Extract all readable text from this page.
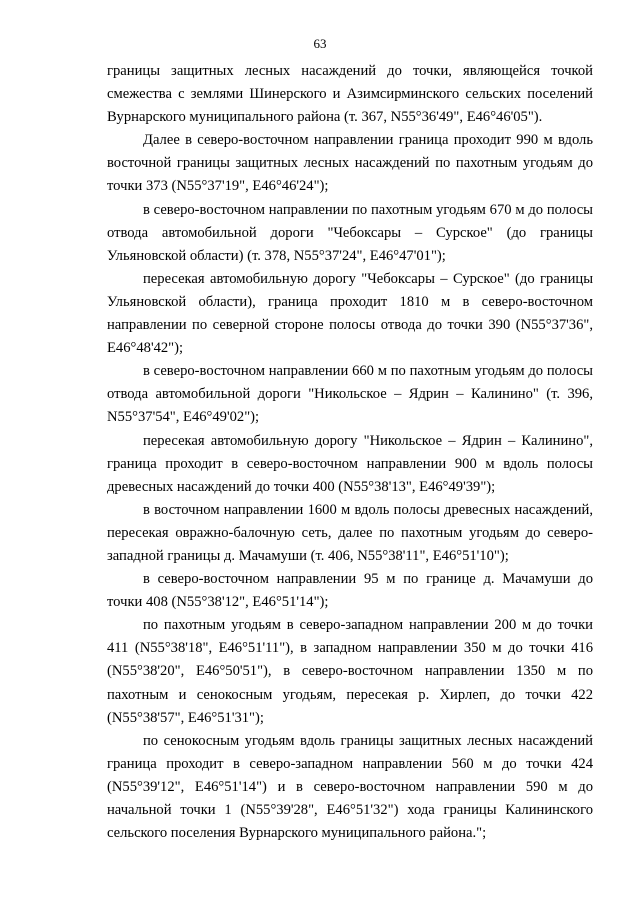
63

границы защитных лесных насаждений до точки, являющейся точкой смежества с землями Шинерского и Азимсирминского сельских поселений Вурнарского муниципального района (т. 367, N55°36'49", E46°46'05").

Далее в северо-восточном направлении граница проходит 990 м вдоль восточной границы защитных лесных насаждений по пахотным угодьям до точки 373 (N55°37'19", E46°46'24");

в северо-восточном направлении по пахотным угодьям 670 м до полосы отвода автомобильной дороги "Чебоксары – Сурское" (до границы Ульяновской области) (т. 378, N55°37'24", E46°47'01");

пересекая автомобильную дорогу "Чебоксары – Сурское" (до границы Ульяновской области), граница проходит 1810 м в северо-восточном направлении по северной стороне полосы отвода до точки 390 (N55°37'36", E46°48'42");

в северо-восточном направлении 660 м по пахотным угодьям до полосы отвода автомобильной дороги "Никольское – Ядрин – Калинино" (т. 396, N55°37'54", E46°49'02");

пересекая автомобильную дорогу "Никольское – Ядрин – Калинино", граница проходит в северо-восточном направлении 900 м вдоль полосы древесных насаждений до точки 400 (N55°38'13", E46°49'39");

в восточном направлении 1600 м вдоль полосы древесных насаждений, пересекая овражно-балочную сеть, далее по пахотным угодьям до северо-западной границы д. Мачамуши (т. 406, N55°38'11", E46°51'10");

в северо-восточном направлении 95 м по границе д. Мачамуши до точки 408 (N55°38'12", E46°51'14");

по пахотным угодьям в северо-западном направлении 200 м до точки 411 (N55°38'18", E46°51'11"), в западном направлении 350 м до точки 416 (N55°38'20", E46°50'51"), в северо-восточном направлении 1350 м по пахотным и сенокосным угодьям, пересекая р. Хирлеп, до точки 422 (N55°38'57", E46°51'31");

по сенокосным угодьям вдоль границы защитных лесных насаждений граница проходит в северо-западном направлении 560 м до точки 424 (N55°39'12", E46°51'14") и в северо-восточном направлении 590 м до начальной точки 1 (N55°39'28", E46°51'32") хода границы Калининского сельского поселения Вурнарского муниципального района.";
